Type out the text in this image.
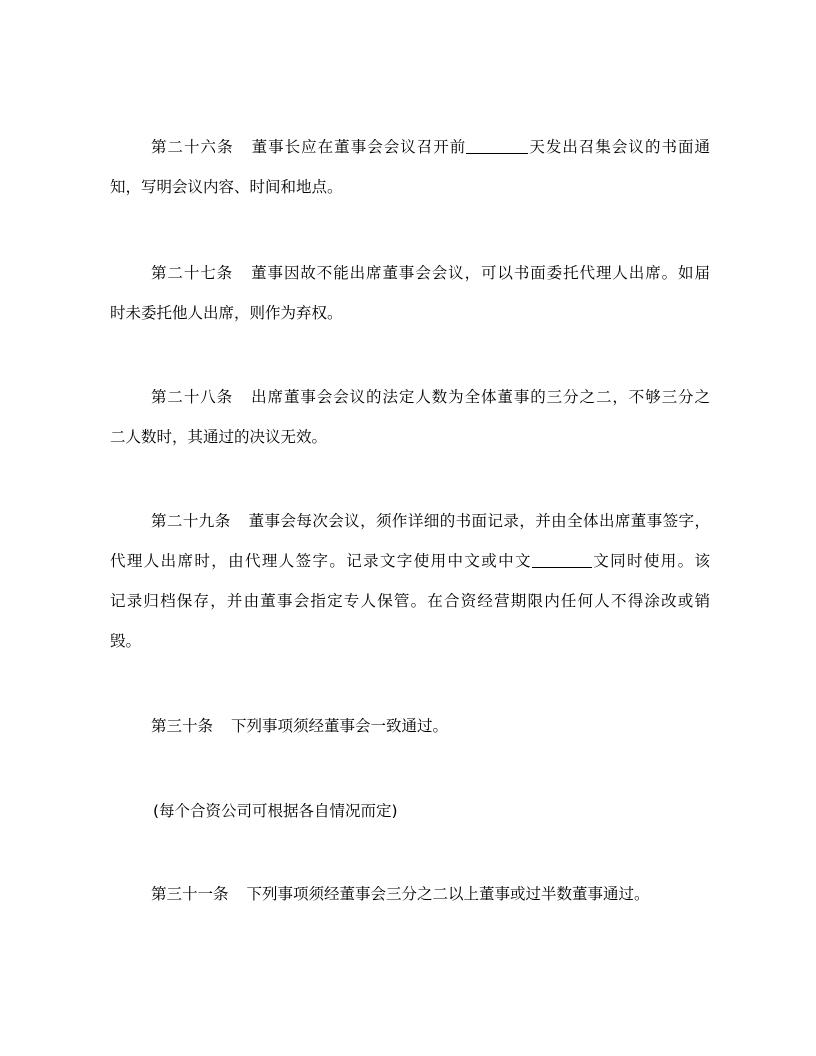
第二十六条 董事长应在董事会会议召开前	天发出召集会议的书面通
知，写明会议内容、时间和地点。
第二十七条 董事因故不能出席董事会会议，可以书面委托代理人出席。如届
时未委托他人出席，则作为弃权。
第二十八条 出席董事会会议的法定人数为全体董事的三分之二，不够三分之
二人数时，其通过的决议无效。
第二十九条 董事会每次会议，须作详细的书面记录，并由全体出席董事签字，
代理人出席时，由代理人签字。记录文字使用中文或中文	文同时使用。该
记录归档保存，并由董事会指定专人保管。在合资经营期限内任何人不得涂改或销
毁。
第三十条 下列事项须经董事会一致通过。
(每个合资公司可根据各自情况而定)
第三十一条 下列事项须经董事会三分之二以上董事或过半数董事通过。
